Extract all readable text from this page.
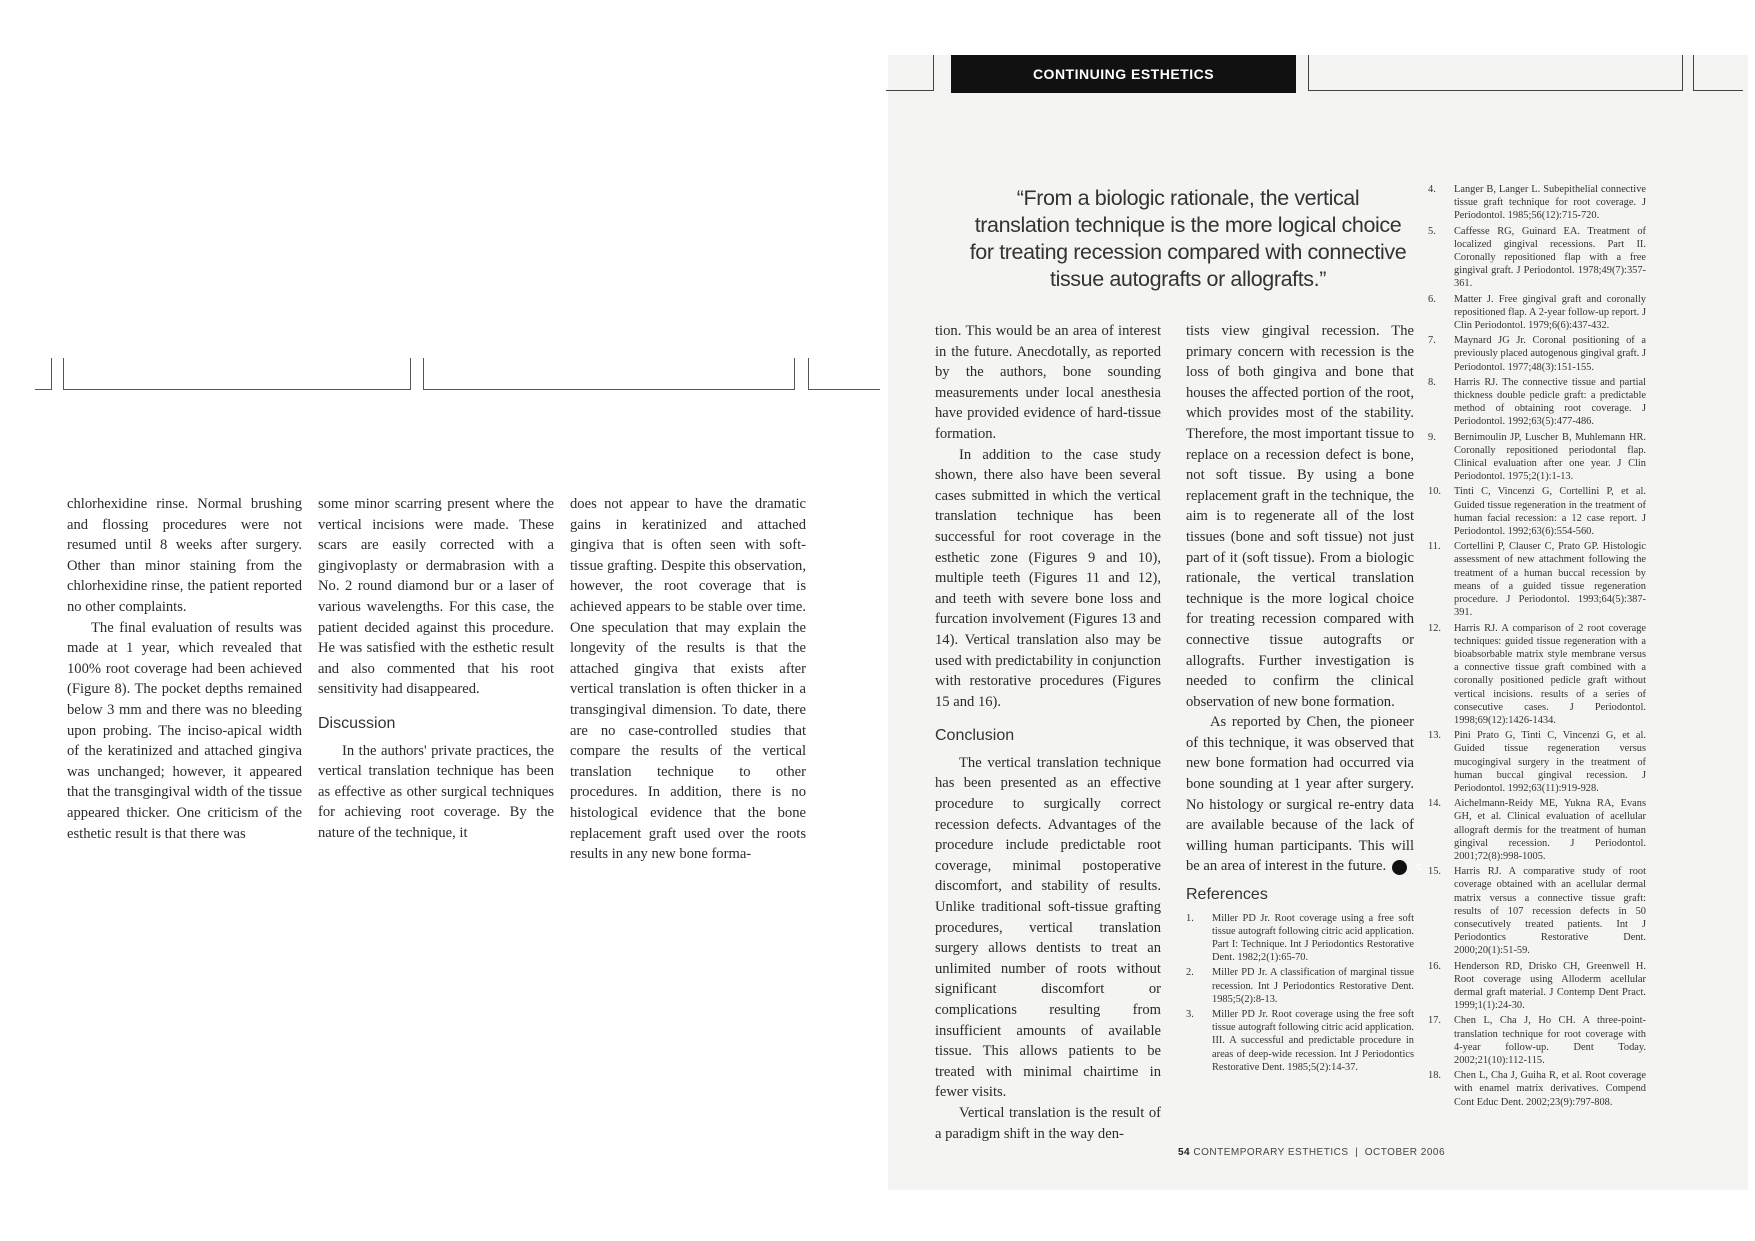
chlorhexidine rinse. Normal brushing and flossing procedures were not resumed until 8 weeks after surgery. Other than minor staining from the chlorhexidine rinse, the patient reported no other complaints.

The final evaluation of results was made at 1 year, which revealed that 100% root coverage had been achieved (Figure 8). The pocket depths remained below 3 mm and there was no bleeding upon probing. The inciso-apical width of the keratinized and attached gingiva was unchanged; however, it appeared that the transgingival width of the tissue appeared thicker. One criticism of the esthetic result is that there was

some minor scarring present where the vertical incisions were made. These scars are easily corrected with a gingivoplasty or dermabrasion with a No. 2 round diamond bur or a laser of various wavelengths. For this case, the patient decided against this procedure. He was satisfied with the esthetic result and also commented that his root sensitivity had disappeared.

Discussion

In the authors' private practices, the vertical translation technique has been as effective as other surgical techniques for achieving root coverage. By the nature of the technique, it

does not appear to have the dramatic gains in keratinized and attached gingiva that is often seen with soft-tissue grafting. Despite this observation, however, the root coverage that is achieved appears to be stable over time. One speculation that may explain the longevity of the results is that the attached gingiva that exists after vertical translation is often thicker in a transgingival dimension. To date, there are no case-controlled studies that compare the results of the vertical translation technique to other procedures. In addition, there is no histological evidence that the bone replacement graft used over the roots results in any new bone forma-

CONTINUING ESTHETICS
“From a biologic rationale, the vertical translation technique is the more logical choice for treating recession compared with connective tissue autografts or allografts.”

tion. This would be an area of interest in the future. Anecdotally, as reported by the authors, bone sounding measurements under local anesthesia have provided evidence of hard-tissue formation.

In addition to the case study shown, there also have been several cases submitted in which the vertical translation technique has been successful for root coverage in the esthetic zone (Figures 9 and 10), multiple teeth (Figures 11 and 12), and teeth with severe bone loss and furcation involvement (Figures 13 and 14). Vertical translation also may be used with predictability in conjunction with restorative procedures (Figures 15 and 16).

Conclusion

The vertical translation technique has been presented as an effective procedure to surgically correct recession defects. Advantages of the procedure include predictable root coverage, minimal postoperative discomfort, and stability of results. Unlike traditional soft-tissue grafting procedures, vertical translation surgery allows dentists to treat an unlimited number of roots without significant discomfort or complications resulting from insufficient amounts of available tissue. This allows patients to be treated with minimal chairtime in fewer visits.

Vertical translation is the result of a paradigm shift in the way den-

tists view gingival recession. The primary concern with recession is the loss of both gingiva and bone that houses the affected portion of the root, which provides most of the stability. Therefore, the most important tissue to replace on a recession defect is bone, not soft tissue. By using a bone replacement graft in the technique, the aim is to regenerate all of the lost tissues (bone and soft tissue) not just part of it (soft tissue). From a biologic rationale, the vertical translation technique is the more logical choice for treating recession compared with connective tissue autografts or allografts. Further investigation is needed to confirm the clinical observation of new bone formation.

As reported by Chen, the pioneer of this technique, it was observed that new bone formation had occurred via bone sounding at 1 year after surgery. No histology or surgical re-entry data are available because of the lack of willing human participants. This will be an area of interest in the future.	C

References
1.	Miller PD Jr. Root coverage using a free soft tissue autograft following citric acid application. Part I: Technique. Int J Periodontics Restorative Dent. 1982;2(1):65-70.
2.	Miller PD Jr. A classification of marginal tissue recession. Int J Periodontics Restorative Dent. 1985;5(2):8-13.
3.	Miller PD Jr. Root coverage using the free soft tissue autograft following citric acid application. III. A successful and predictable procedure in areas of deep-wide recession. Int J Periodontics Restorative Dent. 1985;5(2):14-37.
4.	Langer B, Langer L. Subepithelial connective tissue graft technique for root coverage. J Periodontol. 1985;56(12):715-720.
5.	Caffesse RG, Guinard EA. Treatment of localized gingival recessions. Part II. Coronally repositioned flap with a free gingival graft. J Periodontol. 1978;49(7):357-361.
6.	Matter J. Free gingival graft and coronally repositioned flap. A 2-year follow-up report. J Clin Periodontol. 1979;6(6):437-432.
7.	Maynard JG Jr. Coronal positioning of a previously placed autogenous gingival graft. J Periodontol. 1977;48(3):151-155.
8.	Harris RJ. The connective tissue and partial thickness double pedicle graft: a predictable method of obtaining root coverage. J Periodontol. 1992;63(5):477-486.
9.	Bernimoulin JP, Luscher B, Muhlemann HR. Coronally repositioned periodontal flap. Clinical evaluation after one year. J Clin Periodontol. 1975;2(1):1-13.
10.	Tinti C, Vincenzi G, Cortellini P, et al. Guided tissue regeneration in the treatment of human facial recession: a 12 case report. J Periodontol. 1992;63(6):554-560.
11.	Cortellini P, Clauser C, Prato GP. Histologic assessment of new attachment following the treatment of a human buccal recession by means of a guided tissue regeneration procedure. J Periodontol. 1993;64(5):387-391.
12.	Harris RJ. A comparison of 2 root coverage techniques: guided tissue regeneration with a bioabsorbable matrix style membrane versus a connective tissue graft combined with a coronally positioned pedicle graft without vertical incisions. results of a series of consecutive cases. J Periodontol. 1998;69(12):1426-1434.
13.	Pini Prato G, Tinti C, Vincenzi G, et al. Guided tissue regeneration versus mucogingival surgery in the treatment of human buccal gingival recession. J Periodontol. 1992;63(11):919-928.
14.	Aichelmann-Reidy ME, Yukna RA, Evans GH, et al. Clinical evaluation of acellular allograft dermis for the treatment of human gingival recession. J Periodontol. 2001;72(8):998-1005.
15.	Harris RJ. A comparative study of root coverage obtained with an acellular dermal matrix versus a connective tissue graft: results of 107 recession defects in 50 consecutively treated patients. Int J Periodontics Restorative Dent. 2000;20(1):51-59.
16.	Henderson RD, Drisko CH, Greenwell H. Root coverage using Alloderm acellular dermal graft material. J Contemp Dent Pract. 1999;1(1):24-30.
17.	Chen L, Cha J, Ho CH. A three-point-translation technique for root coverage with 4-year follow-up. Dent Today. 2002;21(10):112-115.
18.	Chen L, Cha J, Guiha R, et al. Root coverage with enamel matrix derivatives. Compend Cont Educ Dent. 2002;23(9):797-808.
54 CONTEMPORARY ESTHETICS | OCTOBER 2006
